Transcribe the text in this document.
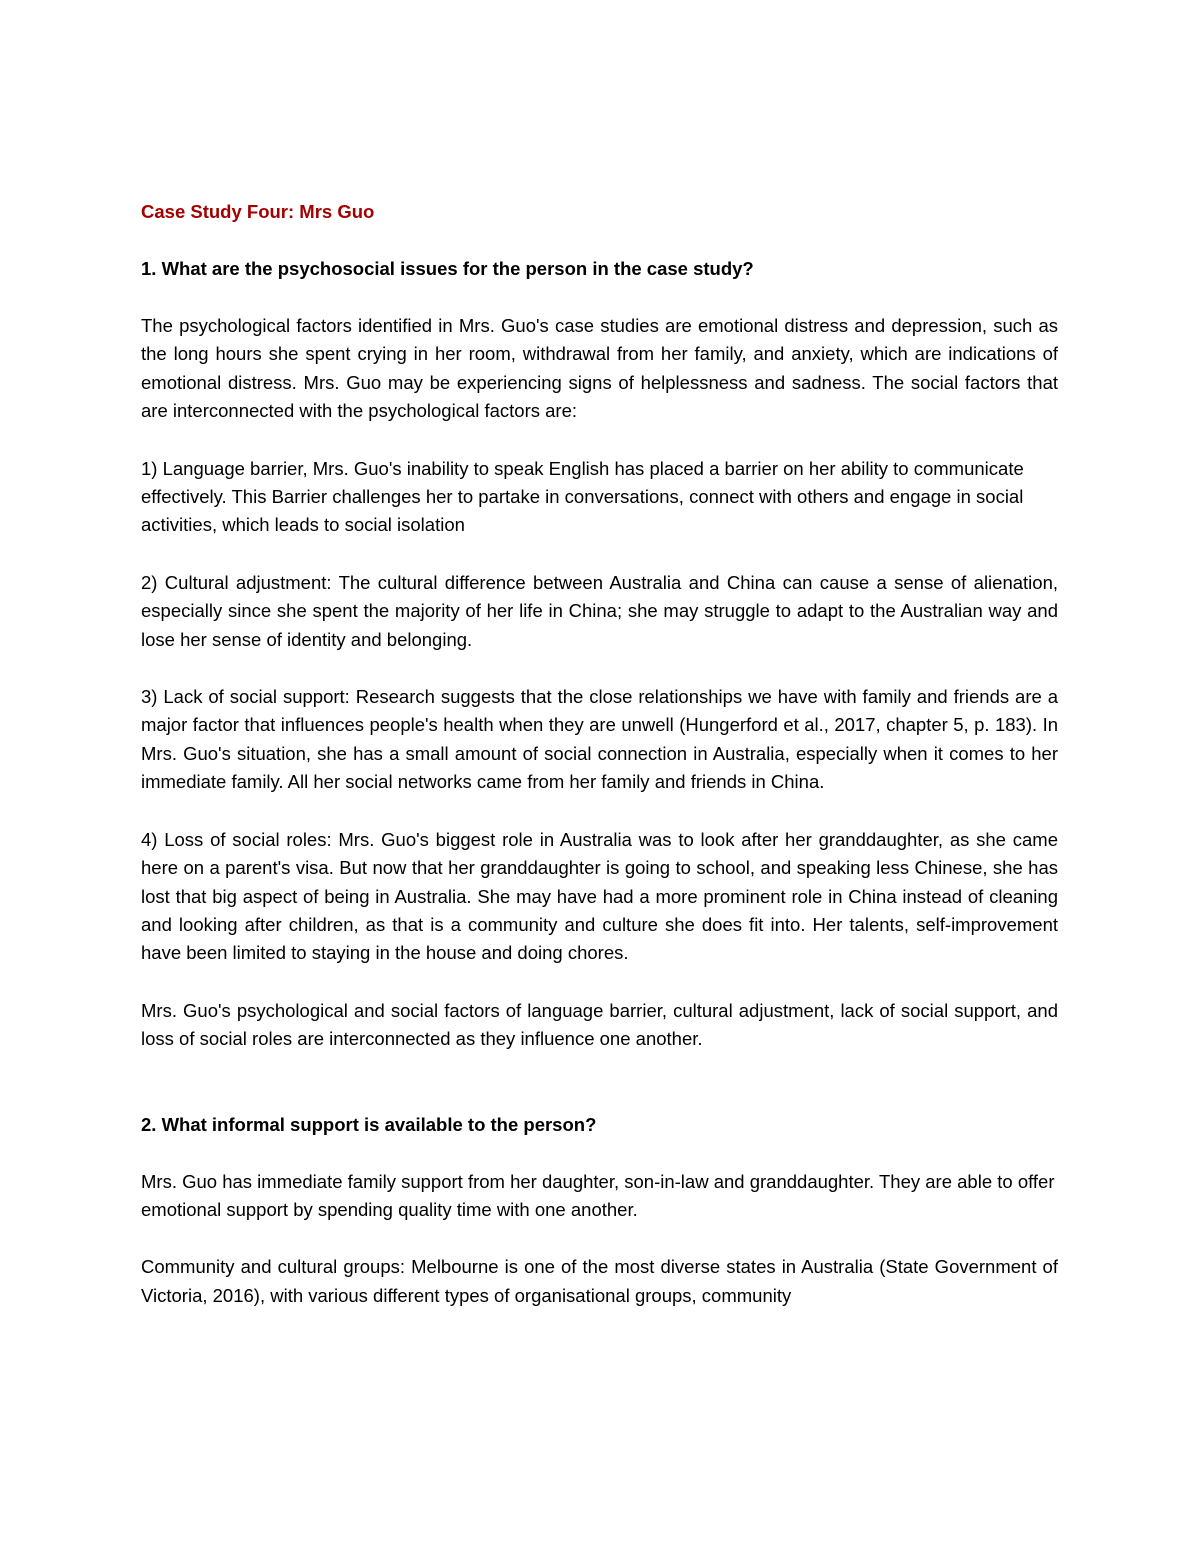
Case Study Four: Mrs Guo
1. What are the psychosocial issues for the person in the case study?
The psychological factors identified in Mrs. Guo's case studies are emotional distress and depression, such as the long hours she spent crying in her room, withdrawal from her family, and anxiety, which are indications of emotional distress. Mrs. Guo may be experiencing signs of helplessness and sadness. The social factors that are interconnected with the psychological factors are:
1) Language barrier, Mrs. Guo's inability to speak English has placed a barrier on her ability to communicate effectively. This Barrier challenges her to partake in conversations, connect with others and engage in social activities, which leads to social isolation
2) Cultural adjustment: The cultural difference between Australia and China can cause a sense of alienation, especially since she spent the majority of her life in China; she may struggle to adapt to the Australian way and lose her sense of identity and belonging.
3) Lack of social support: Research suggests that the close relationships we have with family and friends are a major factor that influences people's health when they are unwell (Hungerford et al., 2017, chapter 5, p. 183). In Mrs. Guo's situation, she has a small amount of social connection in Australia, especially when it comes to her immediate family. All her social networks came from her family and friends in China.
4) Loss of social roles: Mrs. Guo's biggest role in Australia was to look after her granddaughter, as she came here on a parent's visa. But now that her granddaughter is going to school, and speaking less Chinese, she has lost that big aspect of being in Australia. She may have had a more prominent role in China instead of cleaning and looking after children, as that is a community and culture she does fit into. Her talents, self-improvement have been limited to staying in the house and doing chores.
Mrs. Guo's psychological and social factors of language barrier, cultural adjustment, lack of social support, and loss of social roles are interconnected as they influence one another.
2. What informal support is available to the person?
Mrs. Guo has immediate family support from her daughter, son-in-law and granddaughter. They are able to offer emotional support by spending quality time with one another.
Community and cultural groups: Melbourne is one of the most diverse states in Australia (State Government of Victoria, 2016), with various different types of organisational groups, community
